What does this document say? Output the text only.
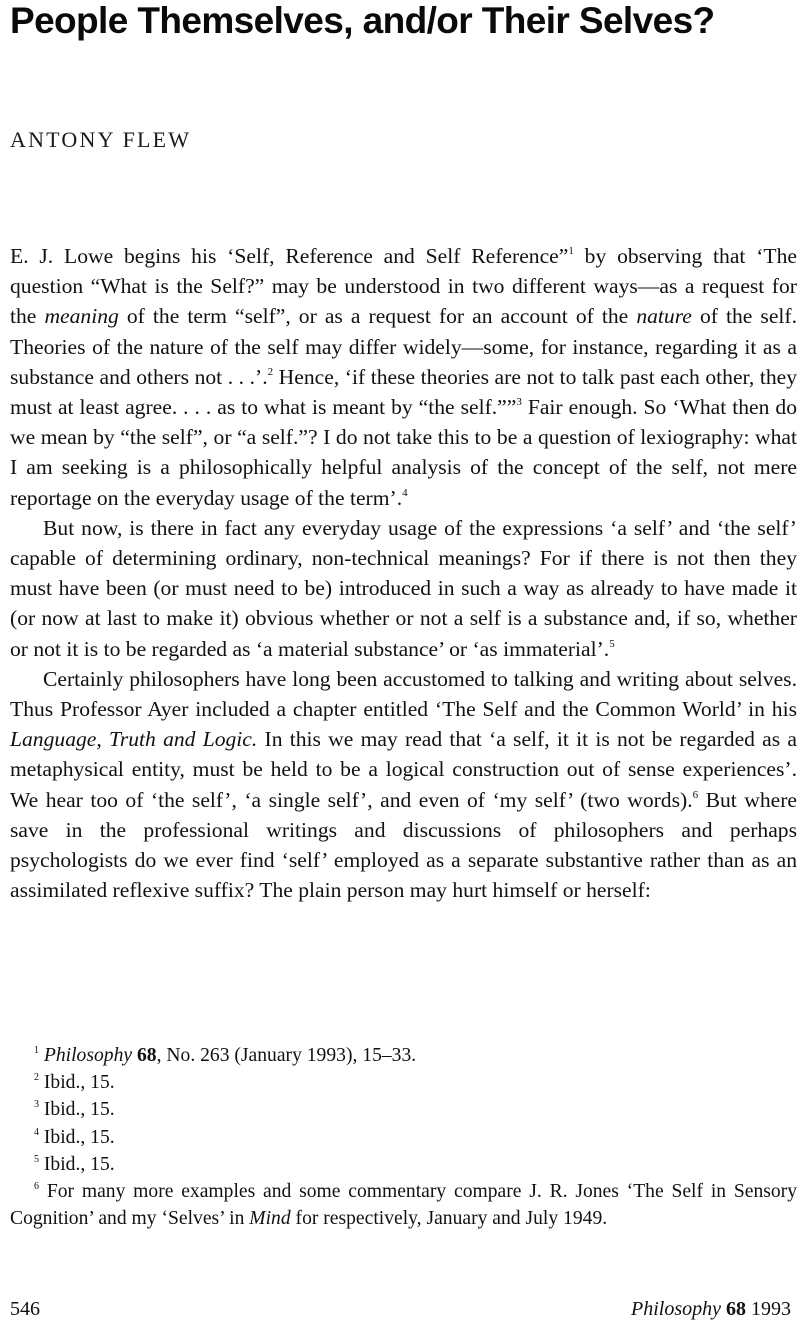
People Themselves, and/or Their Selves?
ANTONY FLEW

E. J. Lowe begins his ‘Self, Reference and Self Reference”$^1$ by observing that ‘The question “What is the Self?” may be understood in two different ways—as a request for the meaning of the term “self”, or as a request for an account of the nature of the self. Theories of the nature of the self may differ widely—some, for instance, regarding it as a substance and others not . . .’.$^2$ Hence, ‘if these theories are not to talk past each other, they must at least agree. . . . as to what is meant by “the self.””$^3$ Fair enough. So ‘What then do we mean by “the self”, or “a self.”? I do not take this to be a question of lexiography: what I am seeking is a philosophically helpful analysis of the concept of the self, not mere reportage on the everyday usage of the term’.$^4$

But now, is there in fact any everyday usage of the expressions ‘a self’ and ‘the self’ capable of determining ordinary, non-technical meanings? For if there is not then they must have been (or must need to be) introduced in such a way as already to have made it (or now at last to make it) obvious whether or not a self is a substance and, if so, whether or not it is to be regarded as ‘a material substance’ or ‘as immaterial’.$^5$

Certainly philosophers have long been accustomed to talking and writing about selves. Thus Professor Ayer included a chapter entitled ‘The Self and the Common World’ in his Language, Truth and Logic. In this we may read that ‘a self, it it is not be regarded as a metaphysical entity, must be held to be a logical construction out of sense experiences’. We hear too of ‘the self’, ‘a single self’, and even of ‘my self’ (two words).$^6$ But where save in the professional writings and discussions of philosophers and perhaps psychologists do we ever find ‘self’ employed as a separate substantive rather than as an assimilated reflexive suffix? The plain person may hurt himself or herself:

$^1$ Philosophy 68, No. 263 (January 1993), 15–33.

$^2$ Ibid., 15.

$^3$ Ibid., 15.

$^4$ Ibid., 15.

$^5$ Ibid., 15.

$^6$ For many more examples and some commentary compare J. R. Jones ‘The Self in Sensory Cognition’ and my ‘Selves’ in Mind for respectively, January and July 1949.

546	Philosophy 68 1993
